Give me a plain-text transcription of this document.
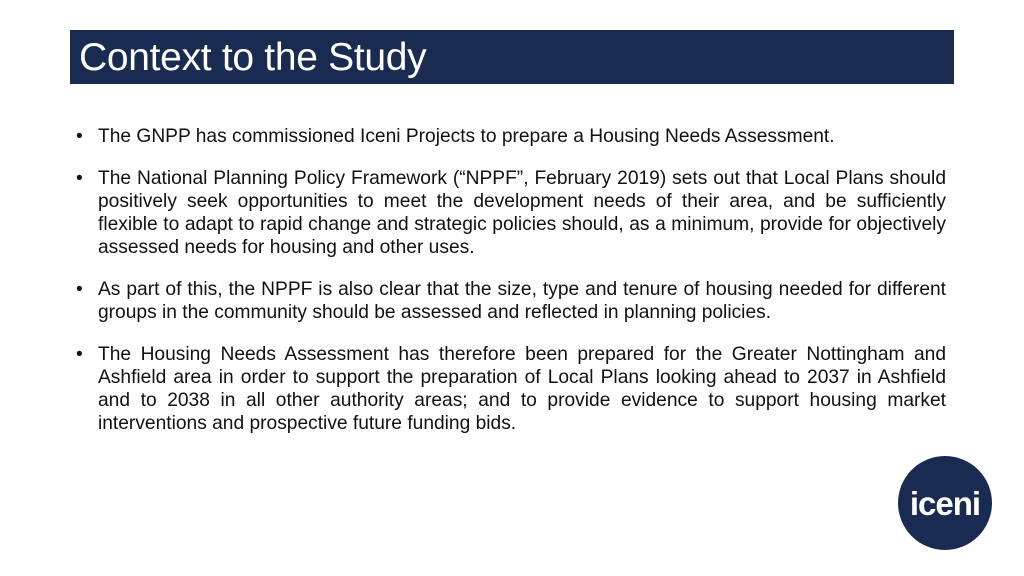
Context to the Study
• The GNPP has commissioned Iceni Projects to prepare a Housing Needs Assessment.
• The National Planning Policy Framework (“NPPF”, February 2019) sets out that Local Plans should positively seek opportunities to meet the development needs of their area, and be sufficiently flexible to adapt to rapid change and strategic policies should, as a minimum, provide for objectively assessed needs for housing and other uses.
• As part of this, the NPPF is also clear that the size, type and tenure of housing needed for different groups in the community should be assessed and reflected in planning policies.
• The Housing Needs Assessment has therefore been prepared for the Greater Nottingham and Ashfield area in order to support the preparation of Local Plans looking ahead to 2037 in Ashfield and to 2038 in all other authority areas; and to provide evidence to support housing market interventions and prospective future funding bids.
iceni
